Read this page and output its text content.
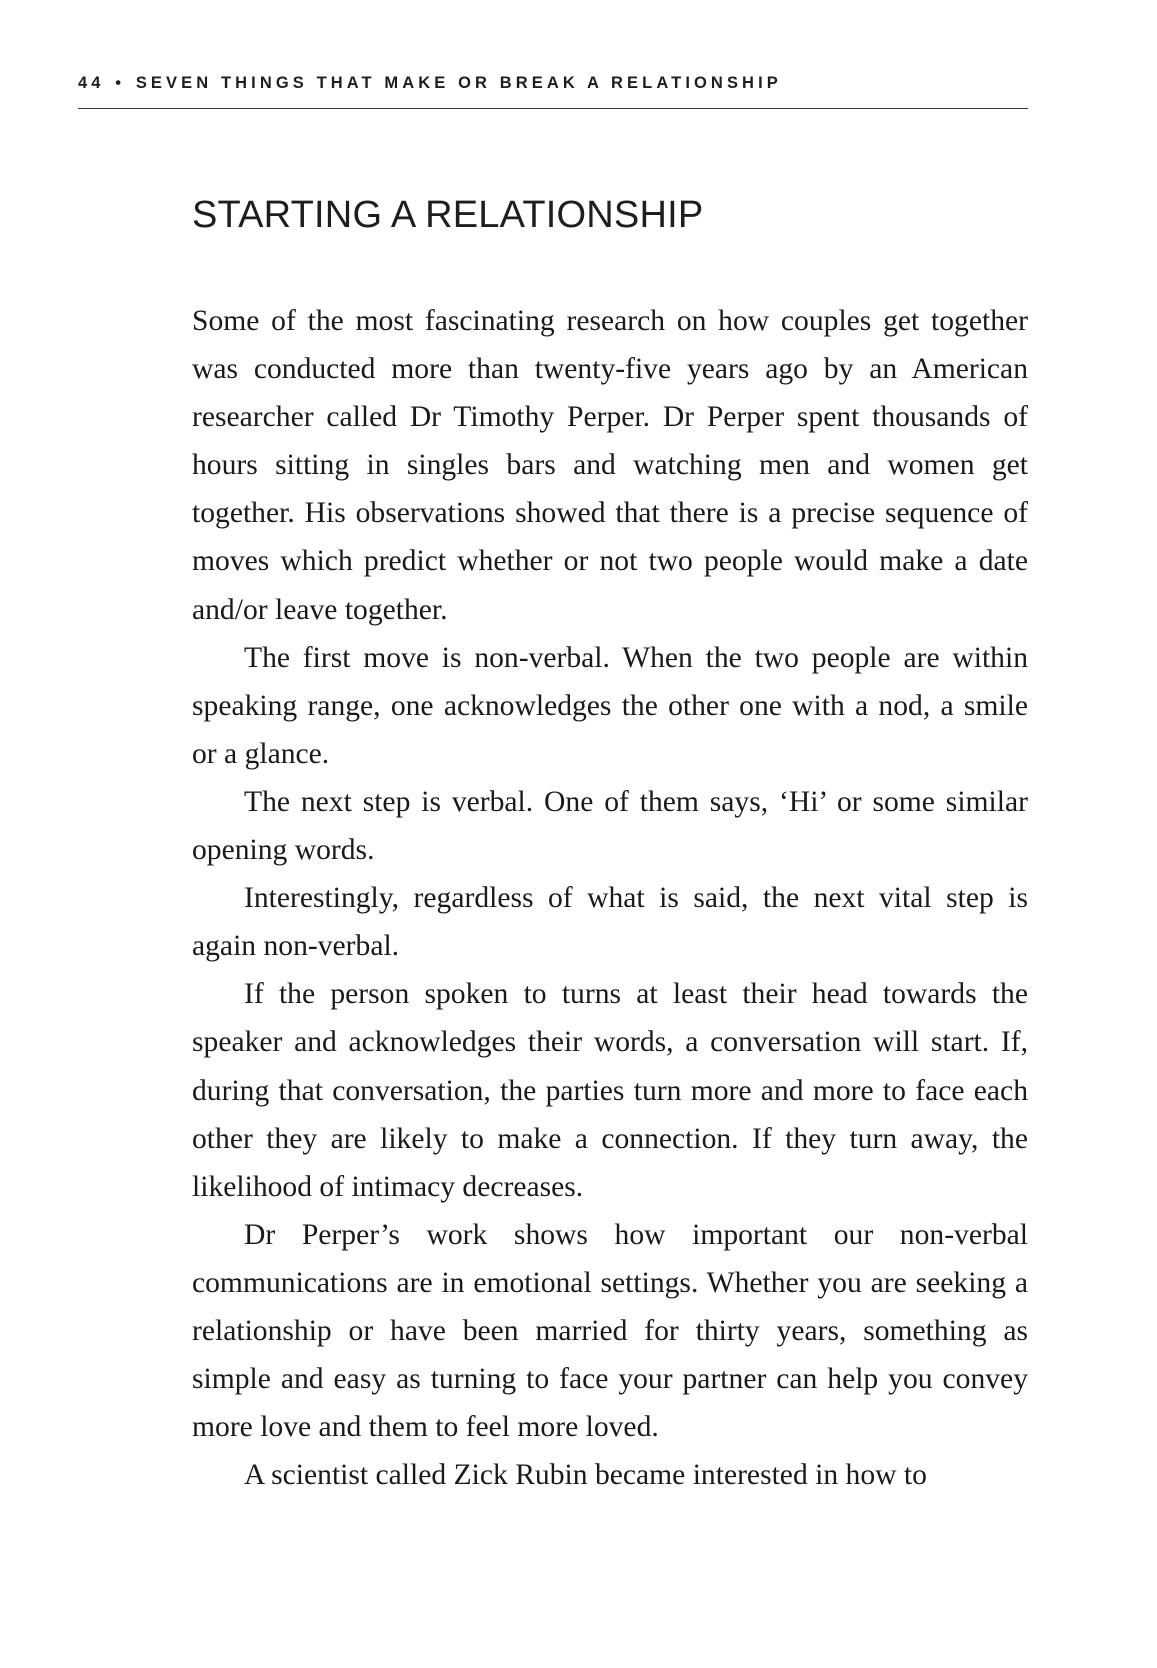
44 • SEVEN THINGS THAT MAKE OR BREAK A RELATIONSHIP
STARTING A RELATIONSHIP

Some of the most fascinating research on how couples get together was conducted more than twenty-five years ago by an American researcher called Dr Timothy Perper. Dr Perper spent thousands of hours sitting in singles bars and watching men and women get together. His observations showed that there is a precise sequence of moves which predict whether or not two people would make a date and/or leave together.

The first move is non-verbal. When the two people are within speaking range, one acknowledges the other one with a nod, a smile or a glance.

The next step is verbal. One of them says, ‘Hi’ or some similar opening words.

Interestingly, regardless of what is said, the next vital step is again non-verbal.

If the person spoken to turns at least their head towards the speaker and acknowledges their words, a conversation will start. If, during that conversation, the parties turn more and more to face each other they are likely to make a connection. If they turn away, the likelihood of intimacy decreases.

Dr Perper’s work shows how important our non-verbal communications are in emotional settings. Whether you are seeking a relationship or have been married for thirty years, something as simple and easy as turning to face your partner can help you convey more love and them to feel more loved.

A scientist called Zick Rubin became interested in how to
